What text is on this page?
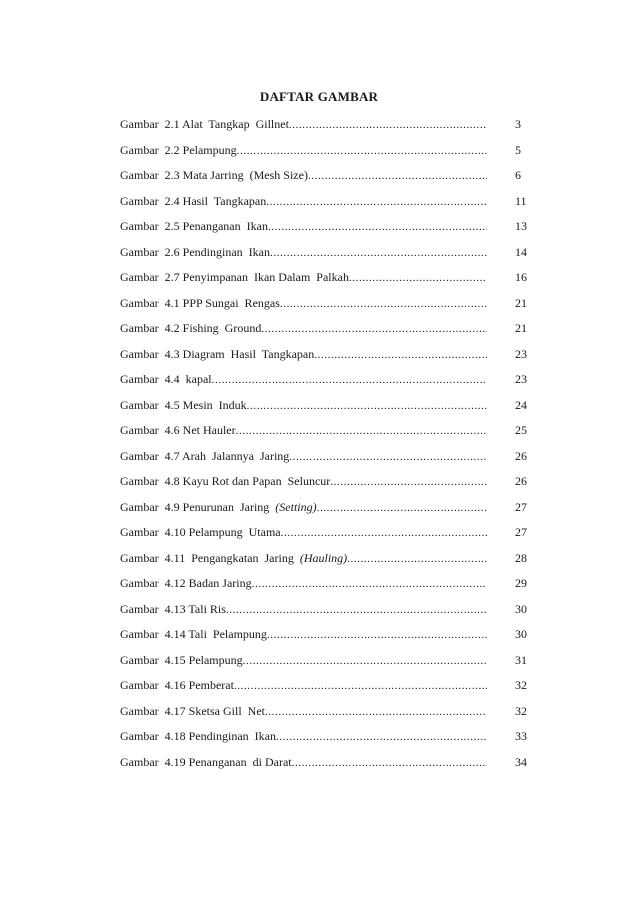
DAFTAR GAMBAR
Gambar  2.1 Alat  Tangkap  Gillnet .....	3
Gambar  2.2 Pelampung .....	5
Gambar  2.3 Mata Jarring  (Mesh Size) .....	6
Gambar  2.4 Hasil  Tangkapan .....	11
Gambar  2.5 Penanganan  Ikan .....	13
Gambar  2.6 Pendinginan  Ikan .....	14
Gambar  2.7 Penyimpanan  Ikan Dalam  Palkah .....	16
Gambar  4.1 PPP Sungai  Rengas .....	21
Gambar  4.2 Fishing  Ground .....	21
Gambar  4.3 Diagram  Hasil  Tangkapan .....	23
Gambar  4.4  kapal .....	23
Gambar  4.5 Mesin  Induk .....	24
Gambar  4.6 Net Hauler .....	25
Gambar  4.7 Arah  Jalannya  Jaring .....	26
Gambar  4.8 Kayu Rot dan Papan  Seluncur .....	26
Gambar  4.9 Penurunan  Jaring  (Setting) .....	27
Gambar  4.10 Pelampung  Utama .....	27
Gambar  4.11  Pengangkatan  Jaring  (Hauling) .....	28
Gambar  4.12 Badan Jaring .....	29
Gambar  4.13 Tali Ris .....	30
Gambar  4.14 Tali  Pelampung .....	30
Gambar  4.15 Pelampung .....	31
Gambar  4.16 Pemberat .....	32
Gambar  4.17 Sketsa Gill  Net .....	32
Gambar  4.18 Pendinginan  Ikan .....	33
Gambar  4.19 Penanganan  di Darat .....	34
